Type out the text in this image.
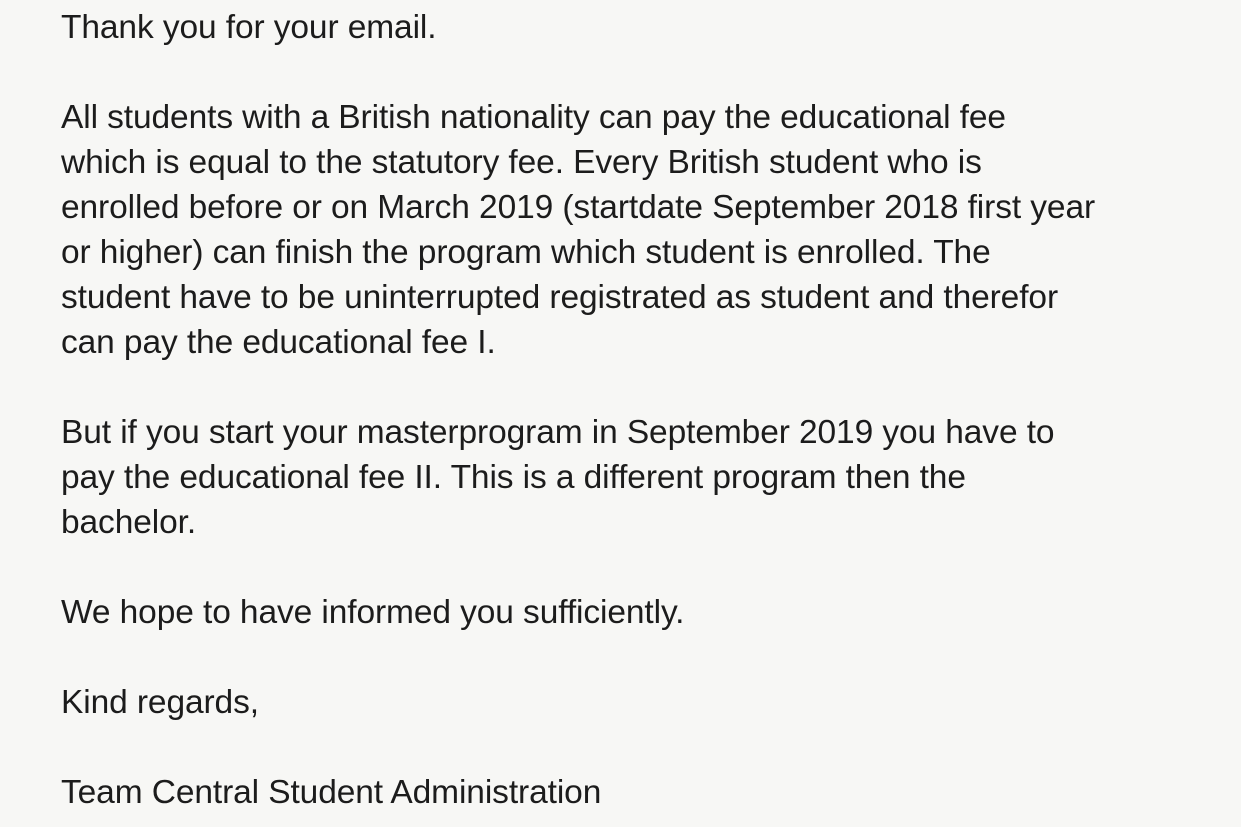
Thank you for your email.
All students with a British nationality can pay the educational fee
which is equal to the statutory fee. Every British student who is
enrolled before or on March 2019 (startdate September 2018 first year
or higher) can finish the program which student is enrolled. The
student have to be uninterrupted registrated as student and therefor
can pay the educational fee I.
But if you start your masterprogram in September 2019 you have to
pay the educational fee II. This is a different program then the
bachelor.
We hope to have informed you sufficiently.
Kind regards,
Team Central Student Administration
